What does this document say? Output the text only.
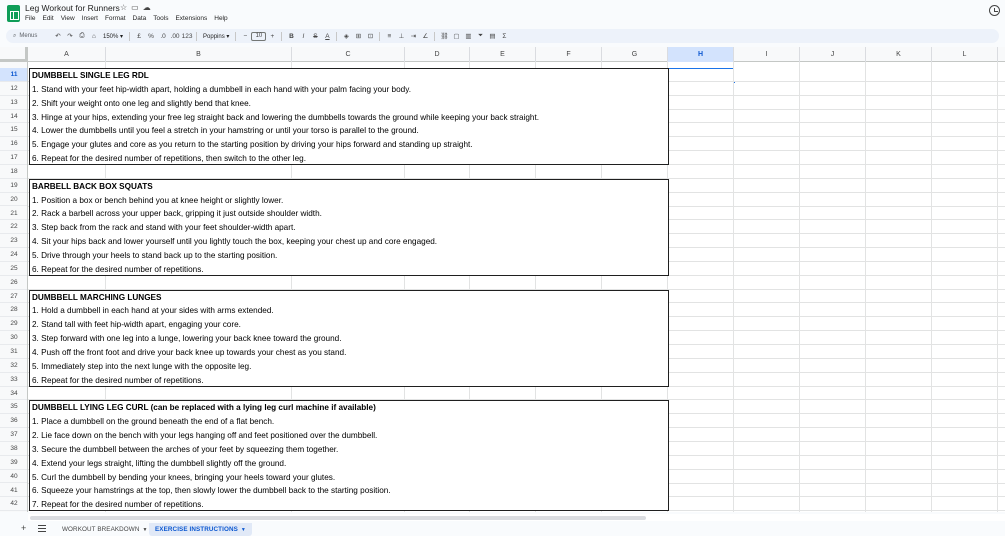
Leg Workout for Runners ☆▭☁
File Edit View Insert Format Data Tools Extensions Help
⌕ Menus	↶	↷	⎙	⌂	150% ▾	£	% .0 .00 123	Poppins ▾	−	10	+	B	I	S	A	◈	⊞	⊡	≡	⊥ ⇥ ∠	⛓ ▢ ▥ ⏷ ▤	Σ
A	B	C	D	E	F	G	H	I	J	K	L
11
12
13
14
15
16
17
18
19
20
21
22
23
24
25
26
27
28
29
30
31
32
33
34
35
36
37
38
39
40
41
42
DUMBBELL SINGLE LEG RDL
1. Stand with your feet hip-width apart, holding a dumbbell in each hand with your palm facing your body.
2. Shift your weight onto one leg and slightly bend that knee.
3. Hinge at your hips, extending your free leg straight back and lowering the dumbbells towards the ground while keeping your back straight.
4. Lower the dumbbells until you feel a stretch in your hamstring or until your torso is parallel to the ground.
5. Engage your glutes and core as you return to the starting position by driving your hips forward and standing up straight.
6. Repeat for the desired number of repetitions, then switch to the other leg.
BARBELL BACK BOX SQUATS
1. Position a box or bench behind you at knee height or slightly lower.
2. Rack a barbell across your upper back, gripping it just outside shoulder width.
3. Step back from the rack and stand with your feet shoulder-width apart.
4. Sit your hips back and lower yourself until you lightly touch the box, keeping your chest up and core engaged.
5. Drive through your heels to stand back up to the starting position.
6. Repeat for the desired number of repetitions.
DUMBBELL MARCHING LUNGES
1. Hold a dumbbell in each hand at your sides with arms extended.
2. Stand tall with feet hip-width apart, engaging your core.
3. Step forward with one leg into a lunge, lowering your back knee toward the ground.
4. Push off the front foot and drive your back knee up towards your chest as you stand.
5. Immediately step into the next lunge with the opposite leg.
6. Repeat for the desired number of repetitions.
DUMBBELL LYING LEG CURL (can be replaced with a lying leg curl machine if available)
1. Place a dumbbell on the ground beneath the end of a flat bench.
2. Lie face down on the bench with your legs hanging off and feet positioned over the dumbbell.
3. Secure the dumbbell between the arches of your feet by squeezing them together.
4. Extend your legs straight, lifting the dumbbell slightly off the ground.
5. Curl the dumbbell by bending your knees, bringing your heels toward your glutes.
6. Squeeze your hamstrings at the top, then slowly lower the dumbbell back to the starting position.
7. Repeat for the desired number of repetitions.
+	WORKOUT BREAKDOWN ▼	EXERCISE INSTRUCTIONS ▼
